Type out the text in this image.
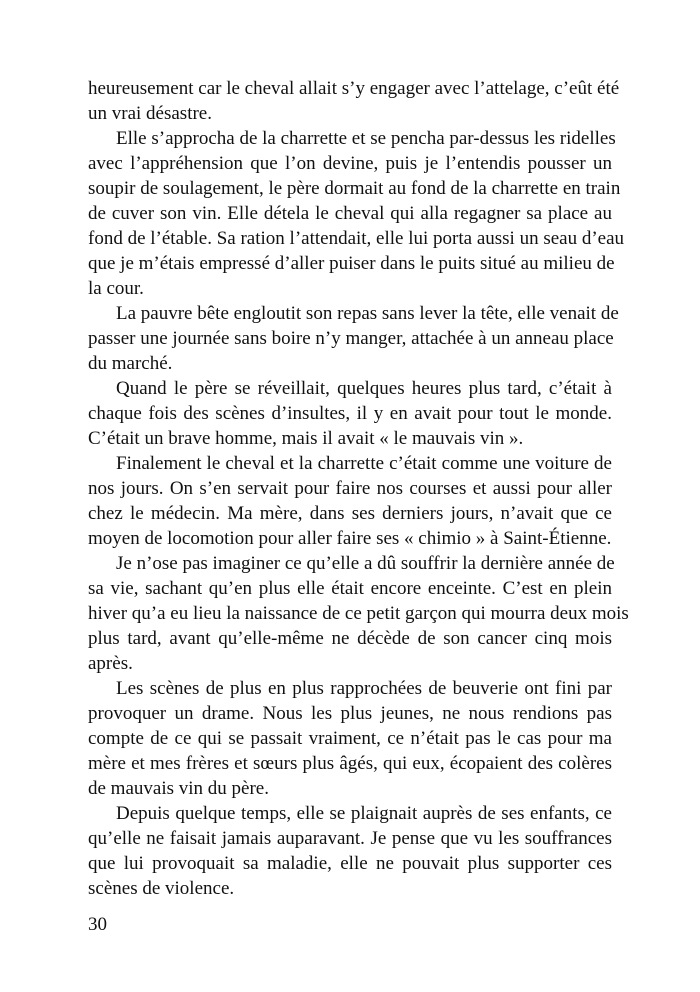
heureusement car le cheval allait s’y engager avec l’attelage, c’eût été
un vrai désastre.
Elle s’approcha de la charrette et se pencha par-dessus les ridelles
avec l’appréhension que l’on devine, puis je l’entendis pousser un
soupir de soulagement, le père dormait au fond de la charrette en train
de cuver son vin. Elle détela le cheval qui alla regagner sa place au
fond de l’étable. Sa ration l’attendait, elle lui porta aussi un seau d’eau
que je m’étais empressé d’aller puiser dans le puits situé au milieu de
la cour.
La pauvre bête engloutit son repas sans lever la tête, elle venait de
passer une journée sans boire n’y manger, attachée à un anneau place
du marché.
Quand le père se réveillait, quelques heures plus tard, c’était à
chaque fois des scènes d’insultes, il y en avait pour tout le monde.
C’était un brave homme, mais il avait « le mauvais vin ».
Finalement le cheval et la charrette c’était comme une voiture de
nos jours. On s’en servait pour faire nos courses et aussi pour aller
chez le médecin. Ma mère, dans ses derniers jours, n’avait que ce
moyen de locomotion pour aller faire ses « chimio » à Saint-Étienne.
Je n’ose pas imaginer ce qu’elle a dû souffrir la dernière année de
sa vie, sachant qu’en plus elle était encore enceinte. C’est en plein
hiver qu’a eu lieu la naissance de ce petit garçon qui mourra deux mois
plus tard, avant qu’elle-même ne décède de son cancer cinq mois
après.
Les scènes de plus en plus rapprochées de beuverie ont fini par
provoquer un drame. Nous les plus jeunes, ne nous rendions pas
compte de ce qui se passait vraiment, ce n’était pas le cas pour ma
mère et mes frères et sœurs plus âgés, qui eux, écopaient des colères
de mauvais vin du père.
Depuis quelque temps, elle se plaignait auprès de ses enfants, ce
qu’elle ne faisait jamais auparavant. Je pense que vu les souffrances
que lui provoquait sa maladie, elle ne pouvait plus supporter ces
scènes de violence.
30
